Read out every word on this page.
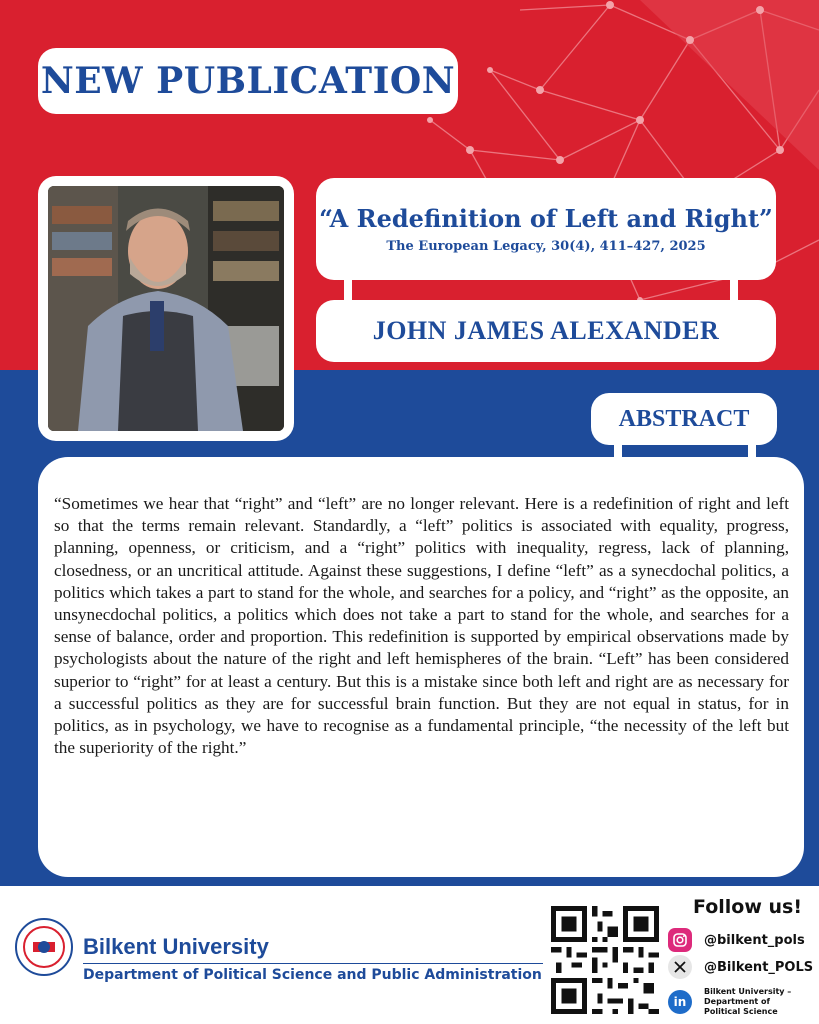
NEW PUBLICATION
“A Redefinition of Left and Right”
The European Legacy, 30(4), 411–427, 2025
JOHN JAMES ALEXANDER
ABSTRACT
“Sometimes we hear that “right” and “left” are no longer relevant. Here is a redefinition of right and left so that the terms remain relevant. Standardly, a “left” politics is associated with equality, progress, planning, openness, or criticism, and a “right” politics with inequality, regress, lack of planning, closedness, or an uncritical attitude. Against these suggestions, I define “left” as a synecdochal politics, a politics which takes a part to stand for the whole, and searches for a policy, and “right” as the opposite, an unsynecdochal politics, a politics which does not take a part to stand for the whole, and searches for a sense of balance, order and proportion. This redefinition is supported by empirical observations made by psychologists about the nature of the right and left hemispheres of the brain. “Left” has been considered superior to “right” for at least a century. But this is a mistake since both left and right are as necessary for a successful politics as they are for successful brain function. But they are not equal in status, for in politics, as in psychology, we have to recognise as a fundamental principle, “the necessity of the left but the superiority of the right.”
Bilkent University
Department of Political Science and Public Administration
Follow us!
@bilkent_pols
@Bilkent_POLS
in
Bilkent University – Department of Political Science
